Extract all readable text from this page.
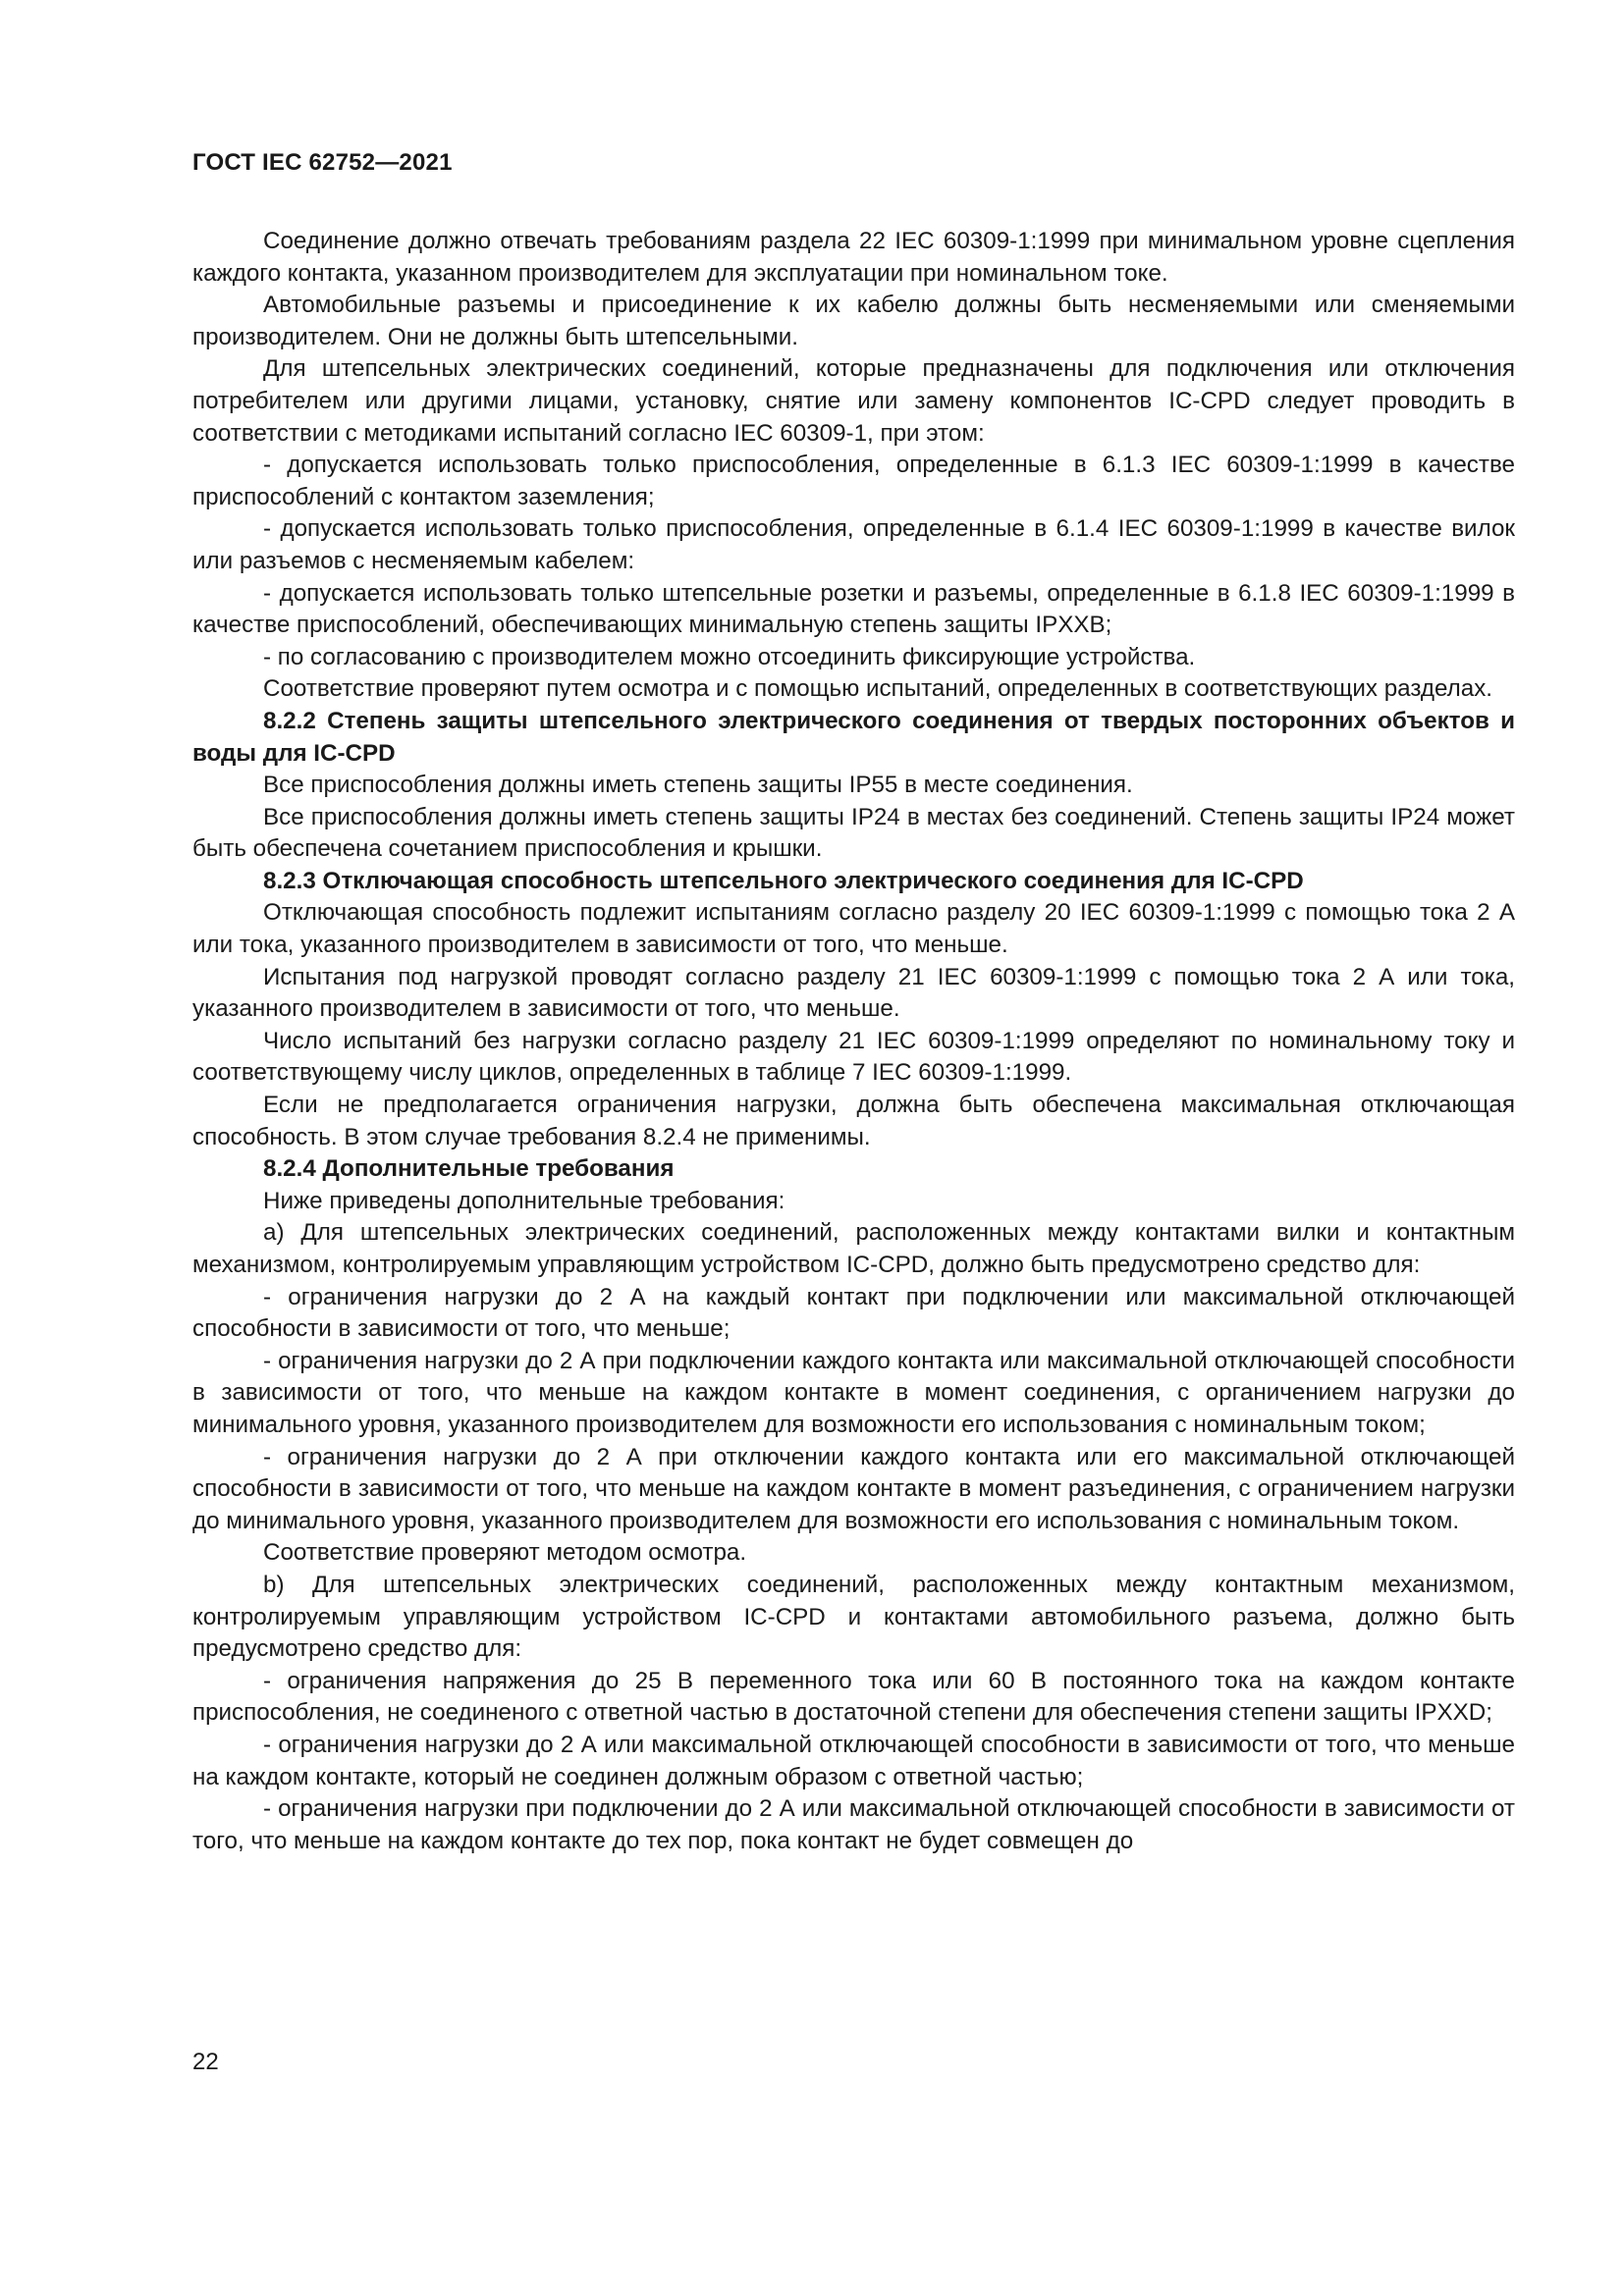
ГОСТ IEC 62752—2021

Соединение должно отвечать требованиям раздела 22 IEC 60309-1:1999 при минимальном уровне сцепления каждого контакта, указанном производителем для эксплуатации при номинальном токе.

Автомобильные разъемы и присоединение к их кабелю должны быть несменяемыми или сменяемыми производителем. Они не должны быть штепсельными.

Для штепсельных электрических соединений, которые предназначены для подключения или отключения потребителем или другими лицами, установку, снятие или замену компонентов IC-CPD следует проводить в соответствии с методиками испытаний согласно IEC 60309-1, при этом:

- допускается использовать только приспособления, определенные в 6.1.3 IEC 60309-1:1999 в качестве приспособлений с контактом заземления;

- допускается использовать только приспособления, определенные в 6.1.4 IEC 60309-1:1999 в качестве вилок или разъемов с несменяемым кабелем:

- допускается использовать только штепсельные розетки и разъемы, определенные в 6.1.8 IEC 60309-1:1999 в качестве приспособлений, обеспечивающих минимальную степень защиты IPXXB;

- по согласованию с производителем можно отсоединить фиксирующие устройства.

Соответствие проверяют путем осмотра и с помощью испытаний, определенных в соответствующих разделах.

8.2.2 Степень защиты штепсельного электрического соединения от твердых посторонних объектов и воды для IC-CPD

Все приспособления должны иметь степень защиты IP55 в месте соединения.

Все приспособления должны иметь степень защиты IP24 в местах без соединений. Степень защиты IP24 может быть обеспечена сочетанием приспособления и крышки.

8.2.3 Отключающая способность штепсельного электрического соединения для IC-CPD

Отключающая способность подлежит испытаниям согласно разделу 20 IEC 60309-1:1999 с помощью тока 2 А или тока, указанного производителем в зависимости от того, что меньше.

Испытания под нагрузкой проводят согласно разделу 21 IEC 60309-1:1999 с помощью тока 2 А или тока, указанного производителем в зависимости от того, что меньше.

Число испытаний без нагрузки согласно разделу 21 IEC 60309-1:1999 определяют по номинальному току и соответствующему числу циклов, определенных в таблице 7 IEC 60309-1:1999.

Если не предполагается ограничения нагрузки, должна быть обеспечена максимальная отключающая способность. В этом случае требования 8.2.4 не применимы.

8.2.4 Дополнительные требования

Ниже приведены дополнительные требования:

a) Для штепсельных электрических соединений, расположенных между контактами вилки и контактным механизмом, контролируемым управляющим устройством IC-CPD, должно быть предусмотрено средство для:

- ограничения нагрузки до 2 А на каждый контакт при подключении или максимальной отключающей способности в зависимости от того, что меньше;

- ограничения нагрузки до 2 А при подключении каждого контакта или максимальной отключающей способности в зависимости от того, что меньше на каждом контакте в момент соединения, с органичением нагрузки до минимального уровня, указанного производителем для возможности его использования с номинальным током;

- ограничения нагрузки до 2 А при отключении каждого контакта или его максимальной отключающей способности в зависимости от того, что меньше на каждом контакте в момент разъединения, с ограничением нагрузки до минимального уровня, указанного производителем для возможности его использования с номинальным током.

Соответствие проверяют методом осмотра.

b) Для штепсельных электрических соединений, расположенных между контактным механизмом, контролируемым управляющим устройством IC-CPD и контактами автомобильного разъема, должно быть предусмотрено средство для:

- ограничения напряжения до 25 В переменного тока или 60 В постоянного тока на каждом контакте приспособления, не соединеного с ответной частью в достаточной степени для обеспечения степени защиты IPXXD;

- ограничения нагрузки до 2 А или максимальной отключающей способности в зависимости от того, что меньше на каждом контакте, который не соединен должным образом с ответной частью;

- ограничения нагрузки при подключении до 2 А или максимальной отключающей способности в зависимости от того, что меньше на каждом контакте до тех пор, пока контакт не будет совмещен до

22
